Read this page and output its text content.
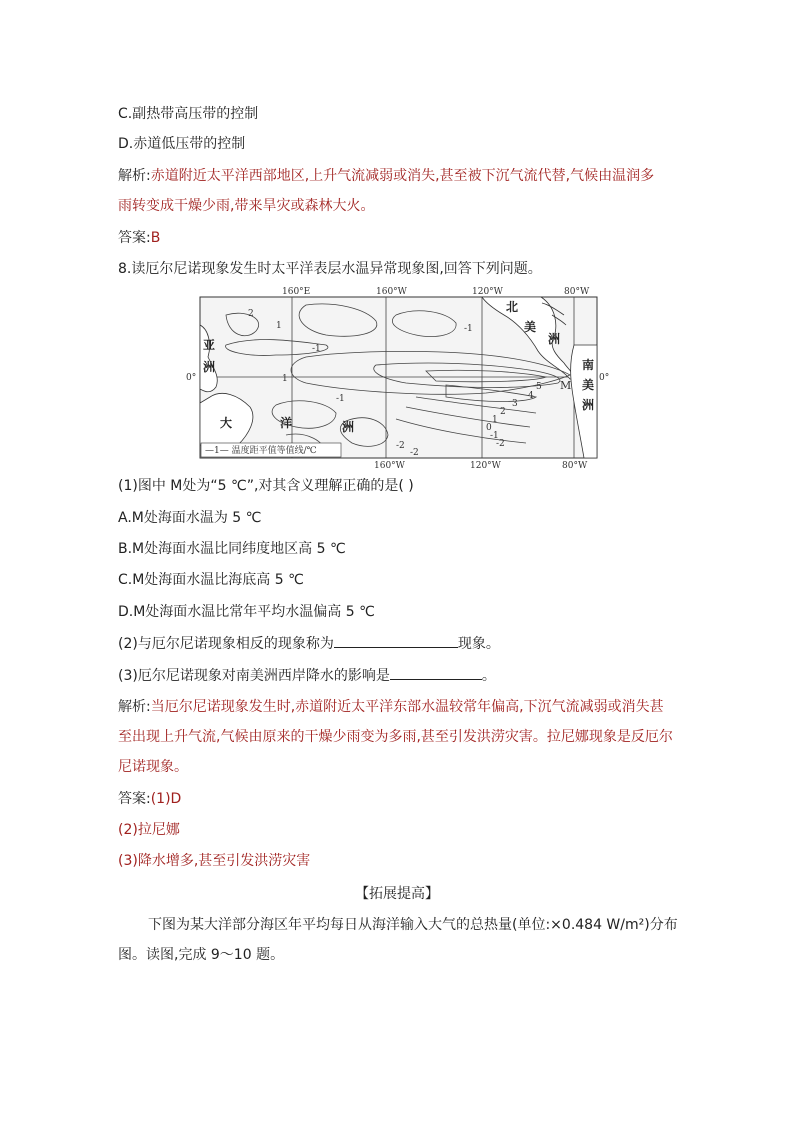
C.副热带高压带的控制
D.赤道低压带的控制
解析:赤道附近太平洋西部地区,上升气流减弱或消失,甚至被下沉气流代替,气候由温润多
雨转变成干燥少雨,带来旱灾或森林大火。
答案:B
8.读厄尔尼诺现象发生时太平洋表层水温异常现象图,回答下列问题。
160°E	160°W	120°W	80°W
2
1
-1
-1
-1
1
5
4
3
2
1
0
-1
-2
-2
-2
亚
洲
北
美
洲
南
美
洲
大	洋	洲
M
0°	0°
—1— 温度距平值等值线/℃
160°W	120°W	80°W
(1)图中 M处为“5 ℃”,对其含义理解正确的是( )
A.M处海面水温为 5 ℃
B.M处海面水温比同纬度地区高 5 ℃
C.M处海面水温比海底高 5 ℃
D.M处海面水温比常年平均水温偏高 5 ℃
(2)与厄尔尼诺现象相反的现象称为	现象。
(3)厄尔尼诺现象对南美洲西岸降水的影响是	。
解析:当厄尔尼诺现象发生时,赤道附近太平洋东部水温较常年偏高,下沉气流减弱或消失甚
至出现上升气流,气候由原来的干燥少雨变为多雨,甚至引发洪涝灾害。拉尼娜现象是反厄尔
尼诺现象。
答案:(1)D
(2)拉尼娜
(3)降水增多,甚至引发洪涝灾害
【拓展提高】
下图为某大洋部分海区年平均每日从海洋输入大气的总热量(单位:×0.484 W/m²)分布
图。读图,完成 9～10 题。
